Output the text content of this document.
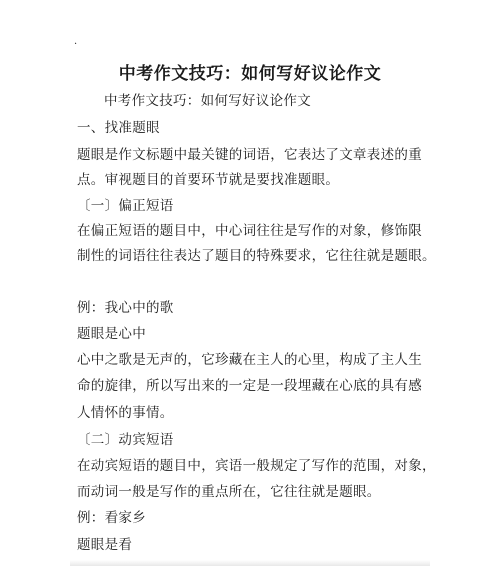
·
中考作文技巧：如何写好议论作文
中考作文技巧：如何写好议论作文
一、找准题眼
题眼是作文标题中最关键的词语，它表达了文章表述的重
点。审视题目的首要环节就是要找准题眼。
〔一〕偏正短语
在偏正短语的题目中，中心词往往是写作的对象，修饰限
制性的词语往往表达了题目的特殊要求，它往往就是题眼。
例：我心中的歌
题眼是心中
心中之歌是无声的，它珍藏在主人的心里，构成了主人生
命的旋律，所以写出来的一定是一段埋藏在心底的具有感
人情怀的事情。
〔二〕动宾短语
在动宾短语的题目中，宾语一般规定了写作的范围，对象，
而动词一般是写作的重点所在，它往往就是题眼。
例：看家乡
题眼是看
